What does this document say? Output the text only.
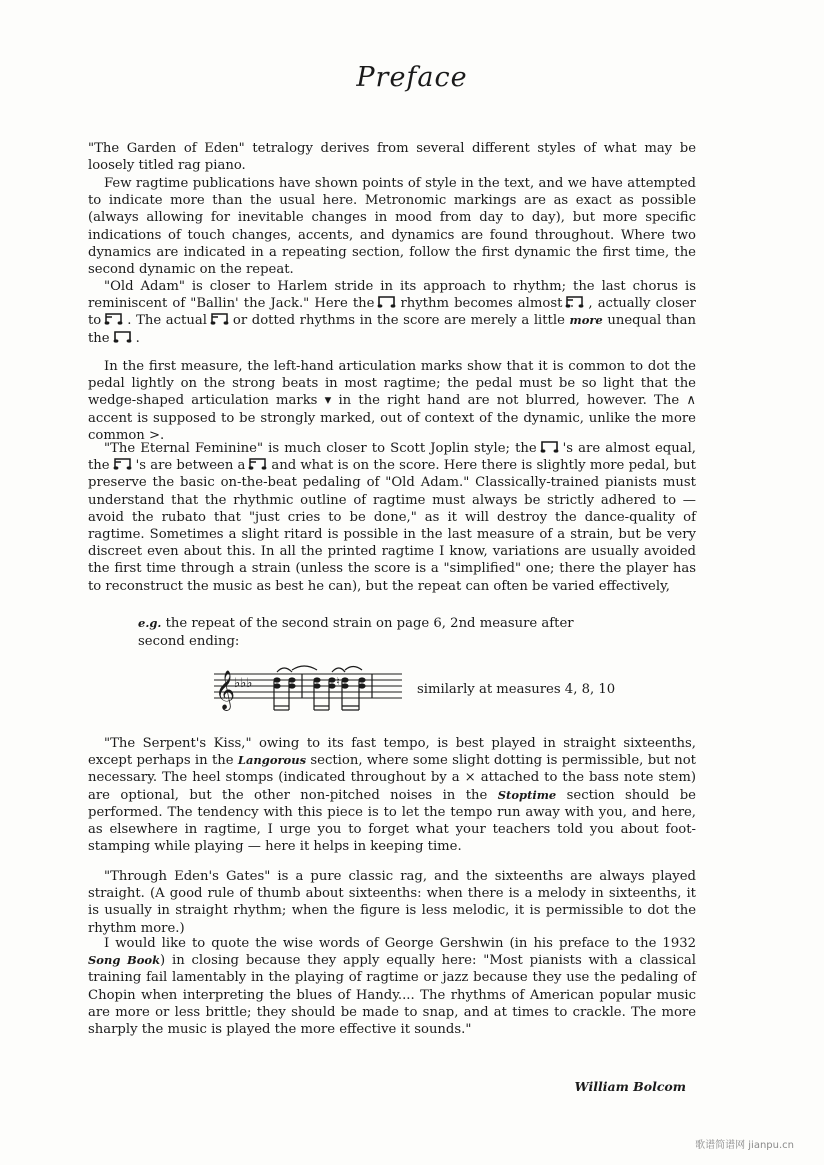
Preface

"The Garden of Eden" tetralogy derives from several different styles of what may be loosely titled rag piano.

Few ragtime publications have shown points of style in the text, and we have attempted to indicate more than the usual here. Metronomic markings are as exact as possible (always allowing for inevitable changes in mood from day to day), but more specific indications of touch changes, accents, and dynamics are found throughout. Where two dynamics are indicated in a repeating section, follow the first dynamic the first time, the second dynamic on the repeat.

"Old Adam" is closer to Harlem stride in its approach to rhythm; the last chorus is reminiscent of "Ballin' the Jack." Here the rhythm becomes almost , actually closer to . The actual or dotted rhythms in the score are merely a little more unequal than the .

In the first measure, the left-hand articulation marks show that it is common to dot the pedal lightly on the strong beats in most ragtime; the pedal must be so light that the wedge-shaped articulation marks ▾ in the right hand are not blurred, however. The ∧ accent is supposed to be strongly marked, out of context of the dynamic, unlike the more common >.

"The Eternal Feminine" is much closer to Scott Joplin style; the 's are almost equal, the 's are between a and what is on the score. Here there is slightly more pedal, but preserve the basic on-the-beat pedaling of "Old Adam." Classically-trained pianists must understand that the rhythmic outline of ragtime must always be strictly adhered to — avoid the rubato that "just cries to be done," as it will destroy the dance-quality of ragtime. Sometimes a slight ritard is possible in the last measure of a strain, but be very discreet even about this. In all the printed ragtime I know, variations are usually avoided the first time through a strain (unless the score is a "simplified" one; there the player has to reconstruct the music as best he can), but the repeat can often be varied effectively,

e.g. the repeat of the second strain on page 6, 2nd measure after
second ending:
𝄞
♭♭♭	♮
similarly at measures 4, 8, 10

"The Serpent's Kiss," owing to its fast tempo, is best played in straight sixteenths, except perhaps in the Langorous section, where some slight dotting is permissible, but not necessary. The heel stomps (indicated throughout by a × attached to the bass note stem) are optional, but the other non-pitched noises in the Stoptime section should be performed. The tendency with this piece is to let the tempo run away with you, and here, as elsewhere in ragtime, I urge you to forget what your teachers told you about foot-stamping while playing — here it helps in keeping time.

"Through Eden's Gates" is a pure classic rag, and the sixteenths are always played straight. (A good rule of thumb about sixteenths: when there is a melody in sixteenths, it is usually in straight rhythm; when the figure is less melodic, it is permissible to dot the rhythm more.)

I would like to quote the wise words of George Gershwin (in his preface to the 1932 Song Book) in closing because they apply equally here: "Most pianists with a classical training fail lamentably in the playing of ragtime or jazz because they use the pedaling of Chopin when interpreting the blues of Handy.... The rhythms of American popular music are more or less brittle; they should be made to snap, and at times to crackle. The more sharply the music is played the more effective it sounds."

William Bolcom
歌谱简谱网 jianpu.cn
